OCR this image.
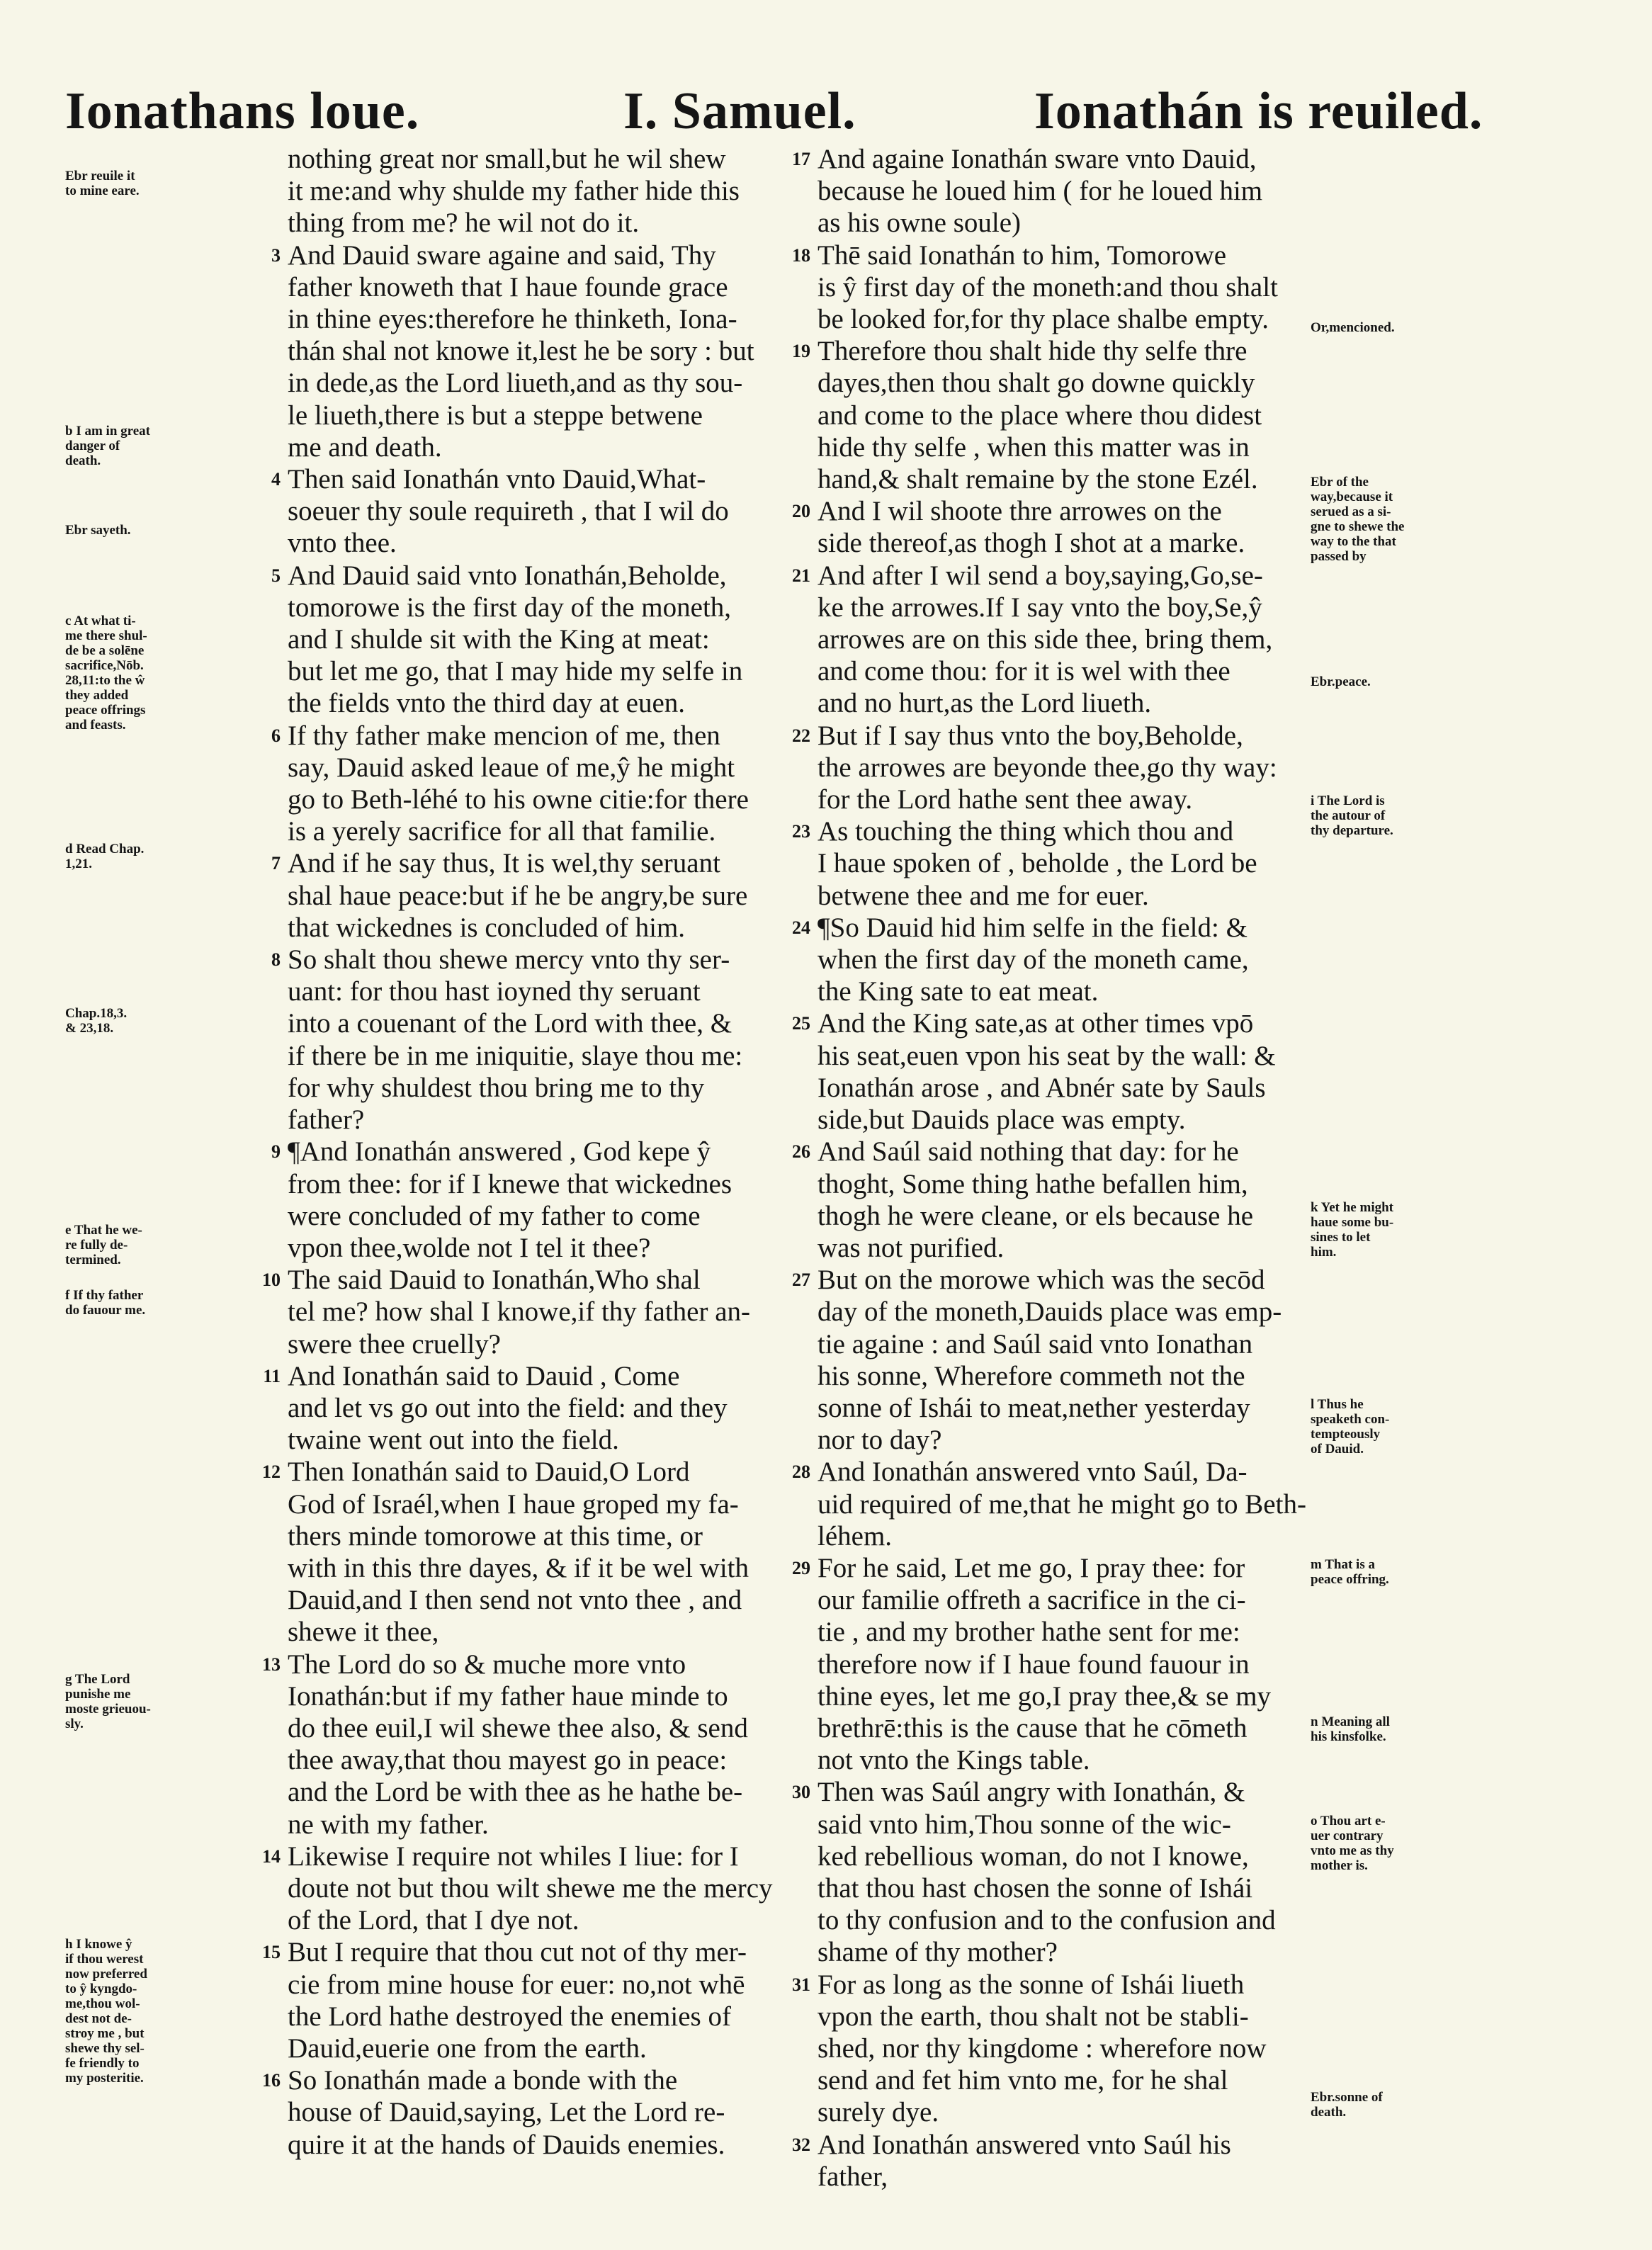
Ionathans loue.	I. Samuel.	Ionathán is reuiled.
nothing great nor small,but he wil shew
it me:and why shulde my father hide this
thing from me? he wil not do it.
3 And Dauid sware againe and said, Thy
father knoweth that I haue founde grace
in thine eyes:therefore he thinketh, Iona-
thán shal not knowe it,lest he be sory : but
in dede,as the Lord liueth,and as thy sou-
le liueth,there is but a steppe betwene
me and death.
4 Then said Ionathán vnto Dauid,What-
soeuer thy soule requireth , that I wil do
vnto thee.
5 And Dauid said vnto Ionathán,Beholde,
tomorowe is the first day of the moneth,
and I shulde sit with the King at meat:
but let me go, that I may hide my selfe in
the fields vnto the third day at euen.
6 If thy father make mencion of me, then
say, Dauid asked leaue of me,ŷ he might
go to Beth-léhé to his owne citie:for there
is a yerely sacrifice for all that familie.
7 And if he say thus, It is wel,thy seruant
shal haue peace:but if he be angry,be sure
that wickednes is concluded of him.
8 So shalt thou shewe mercy vnto thy ser-
uant: for thou hast ioyned thy seruant
into a couenant of the Lord with thee, &
if there be in me iniquitie, slaye thou me:
for why shuldest thou bring me to thy
father?
9 ¶And Ionathán answered , God kepe ŷ
from thee: for if I knewe that wickednes
were concluded of my father to come
vpon thee,wolde not I tel it thee?
10 The said Dauid to Ionathán,Who shal
tel me? how shal I knowe,if thy father an-
swere thee cruelly?
11 And Ionathán said to Dauid , Come
and let vs go out into the field: and they
twaine went out into the field.
12 Then Ionathán said to Dauid,O Lord
God of Israél,when I haue groped my fa-
thers minde tomorowe at this time, or
with in this thre dayes, & if it be wel with
Dauid,and I then send not vnto thee , and
shewe it thee,
13 The Lord do so & muche more vnto
Ionathán:but if my father haue minde to
do thee euil,I wil shewe thee also, & send
thee away,that thou mayest go in peace:
and the Lord be with thee as he hathe be-
ne with my father.
14 Likewise I require not whiles I liue: for I
doute not but thou wilt shewe me the mercy
of the Lord, that I dye not.
15 But I require that thou cut not of thy mer-
cie from mine house for euer: no,not whē
the Lord hathe destroyed the enemies of
Dauid,euerie one from the earth.
16 So Ionathán made a bonde with the
house of Dauid,saying, Let the Lord re-
quire it at the hands of Dauids enemies.
17 And againe Ionathán sware vnto Dauid,
because he loued him ( for he loued him
as his owne soule)
18 Thē said Ionathán to him, Tomorowe
is ŷ first day of the moneth:and thou shalt
be looked for,for thy place shalbe empty.
19 Therefore thou shalt hide thy selfe thre
dayes,then thou shalt go downe quickly
and come to the place where thou didest
hide thy selfe , when this matter was in
hand,& shalt remaine by the stone Ezél.
20 And I wil shoote thre arrowes on the
side thereof,as thogh I shot at a marke.
21 And after I wil send a boy,saying,Go,se-
ke the arrowes.If I say vnto the boy,Se,ŷ
arrowes are on this side thee, bring them,
and come thou: for it is wel with thee
and no hurt,as the Lord liueth.
22 But if I say thus vnto the boy,Beholde,
the arrowes are beyonde thee,go thy way:
for the Lord hathe sent thee away.
23 As touching the thing which thou and
I haue spoken of , beholde , the Lord be
betwene thee and me for euer.
24 ¶So Dauid hid him selfe in the field: &
when the first day of the moneth came,
the King sate to eat meat.
25 And the King sate,as at other times vpō
his seat,euen vpon his seat by the wall: &
Ionathán arose , and Abnér sate by Sauls
side,but Dauids place was empty.
26 And Saúl said nothing that day: for he
thoght, Some thing hathe befallen him,
thogh he were cleane, or els because he
was not purified.
27 But on the morowe which was the secōd
day of the moneth,Dauids place was emp-
tie againe : and Saúl said vnto Ionathan
his sonne, Wherefore commeth not the
sonne of Ishái to meat,nether yesterday
nor to day?
28 And Ionathán answered vnto Saúl, Da-
uid required of me,that he might go to Beth-
léhem.
29 For he said, Let me go, I pray thee: for
our familie offreth a sacrifice in the ci-
tie , and my brother hathe sent for me:
therefore now if I haue found fauour in
thine eyes, let me go,I pray thee,& se my
brethrē:this is the cause that he cōmeth
not vnto the Kings table.
30 Then was Saúl angry with Ionathán, &
said vnto him,Thou sonne of the wic-
ked rebellious woman, do not I knowe,
that thou hast chosen the sonne of Ishái
to thy confusion and to the confusion and
shame of thy mother?
31 For as long as the sonne of Ishái liueth
vpon the earth, thou shalt not be stabli-
shed, nor thy kingdome : wherefore now
send and fet him vnto me, for he shal
surely dye.
32 And Ionathán answered vnto Saúl his
father,
Ebr reuile it
to mine eare.
b I am in great
danger of
death.
Ebr sayeth.
c At what ti-
me there shul-
de be a solēne
sacrifice,Nōb.
28,11:to the ŵ
they added
peace offrings
and feasts.
d Read Chap.
1,21.
Chap.18,3.
& 23,18.
e That he we-
re fully de-
termined.
f If thy father
do fauour me.
g The Lord
punishe me
moste grieuou-
sly.
h I knowe ŷ
if thou werest
now preferred
to ŷ kyngdo-
me,thou wol-
dest not de-
stroy me , but
shewe thy sel-
fe friendly to
my posteritie.
Or,mencioned.
Ebr of the
way,because it
serued as a si-
gne to shewe the
way to the that
passed by
Ebr.peace.
i The Lord is
the autour of
thy departure.
k Yet he might
haue some bu-
sines to let
him.
l Thus he
speaketh con-
tempteously
of Dauid.
m That is a
peace offring.
n Meaning all
his kinsfolke.
o Thou art e-
uer contrary
vnto me as thy
mother is.
Ebr.sonne of
death.
